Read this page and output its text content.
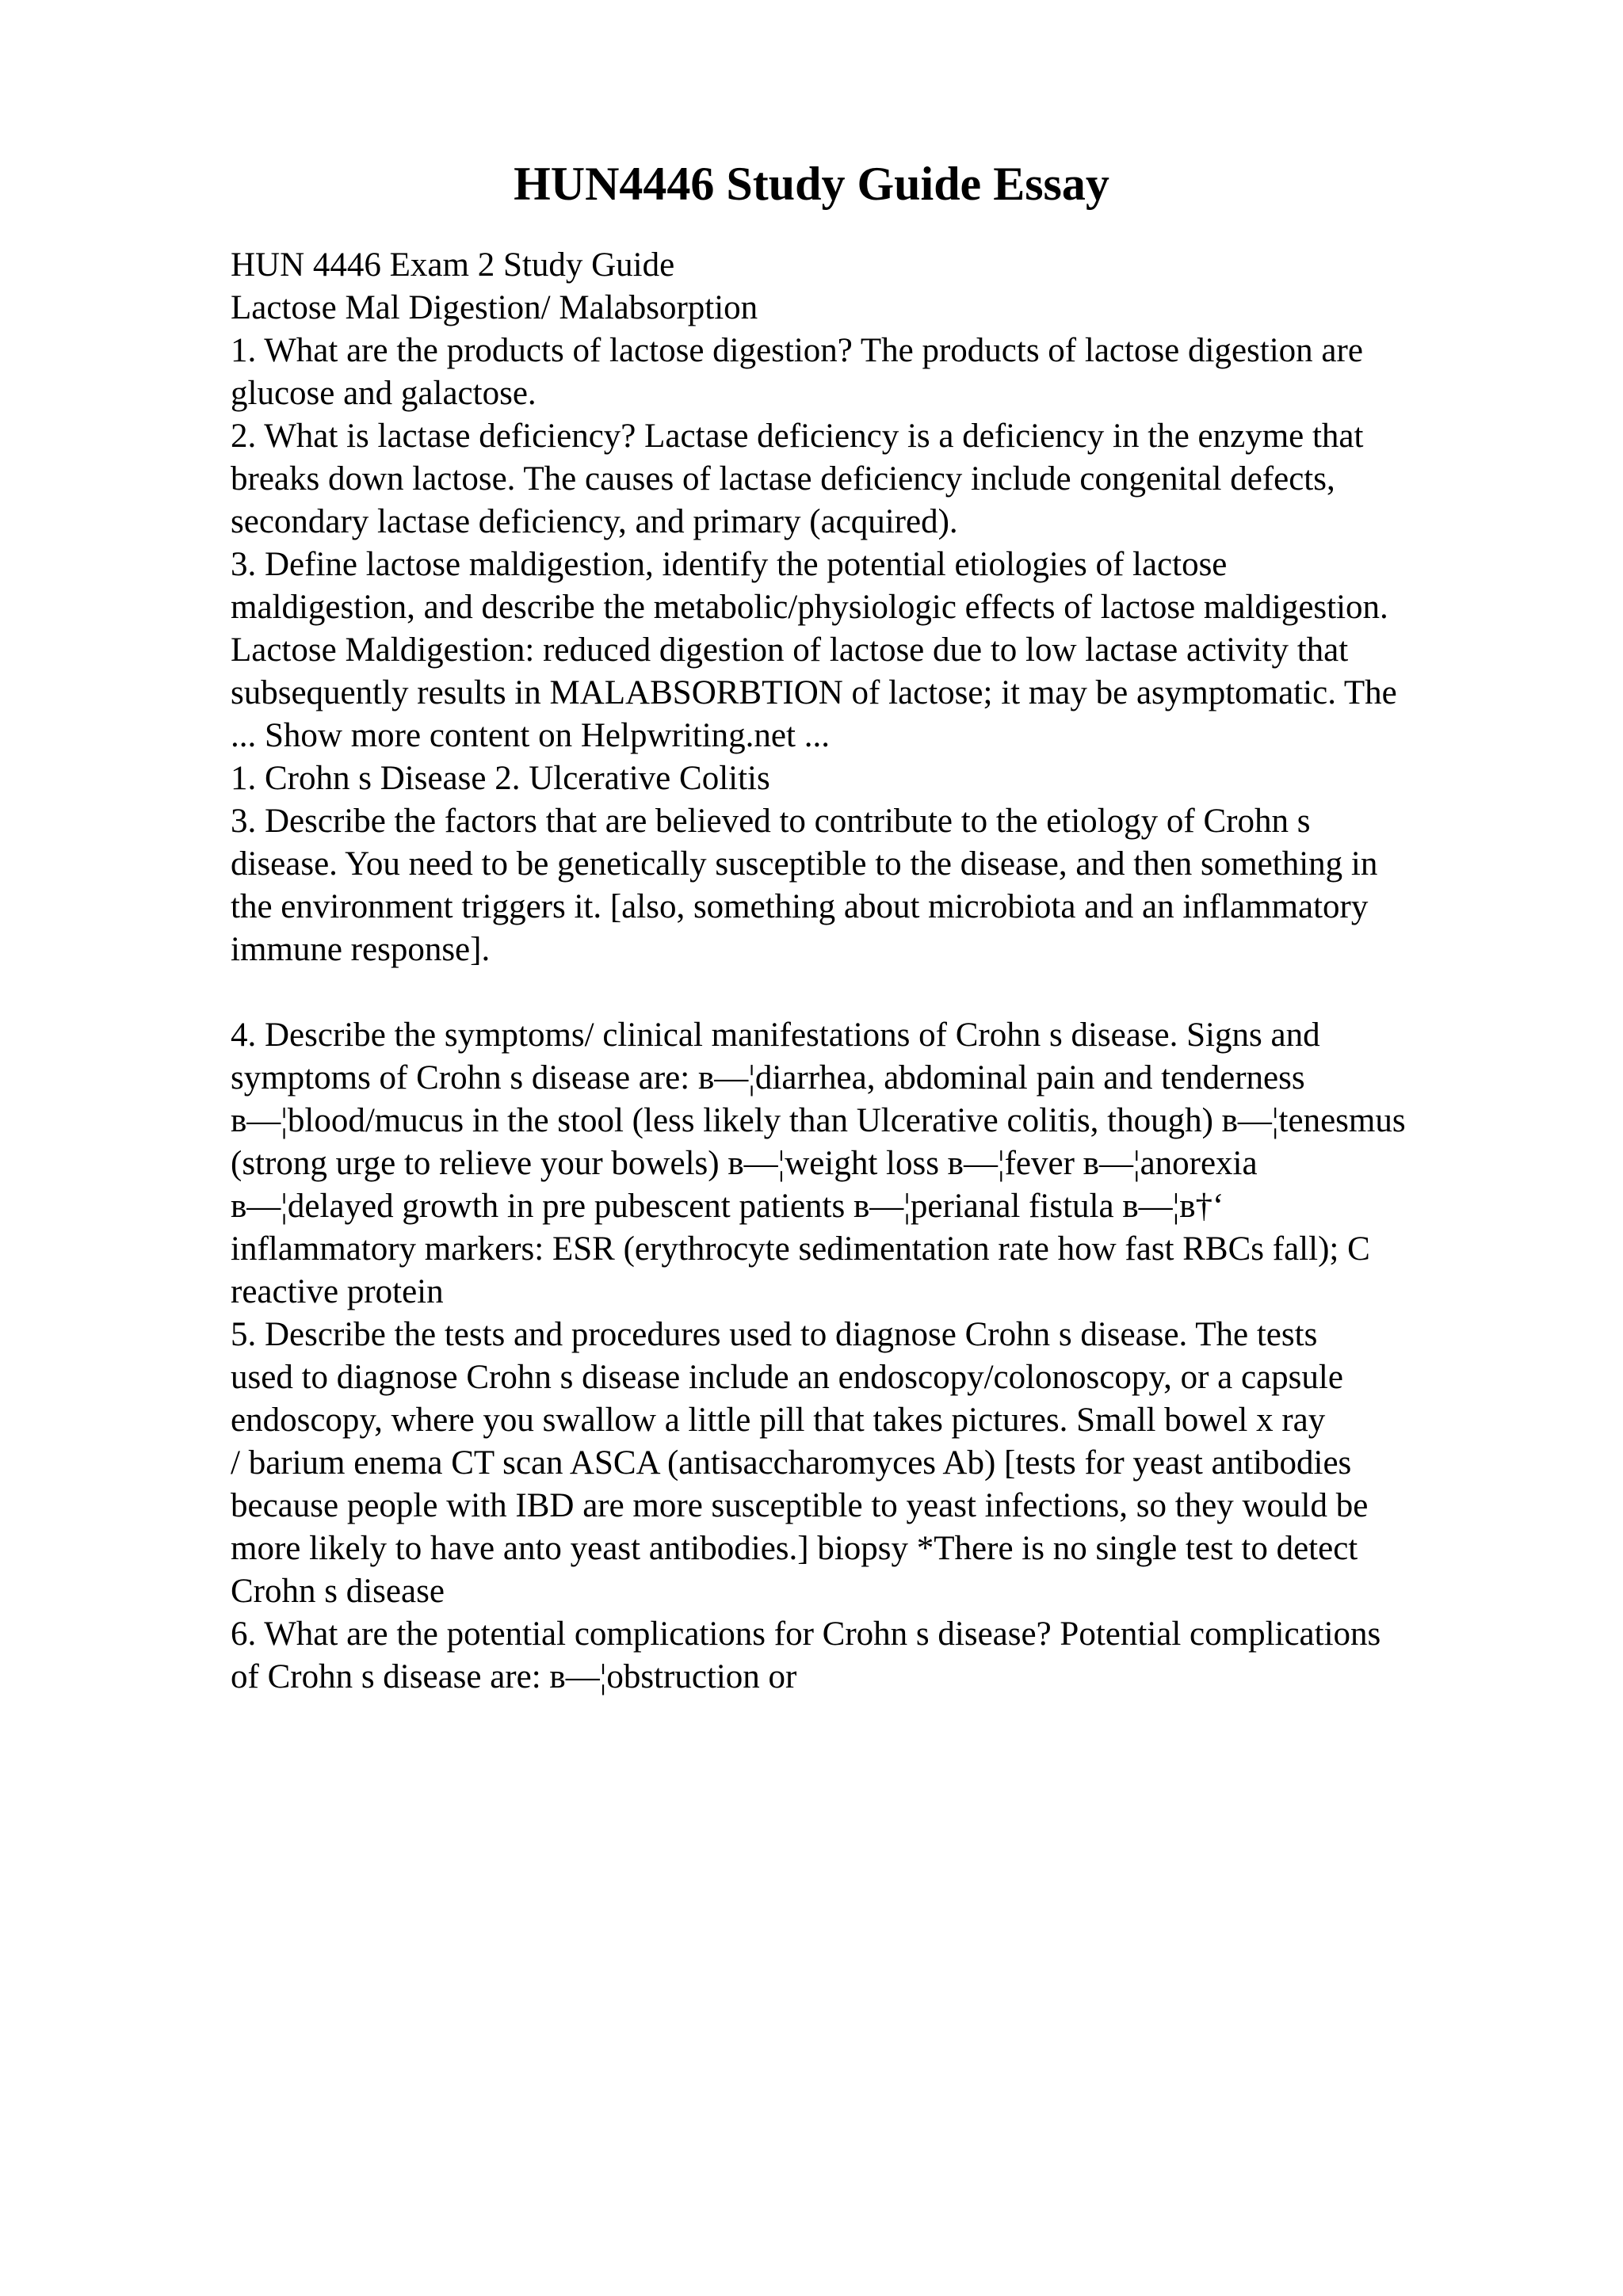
HUN4446 Study Guide Essay
HUN 4446 Exam 2 Study Guide
Lactose Mal Digestion/ Malabsorption
1. What are the products of lactose digestion? The products of lactose digestion are
glucose and galactose.
2. What is lactase deficiency? Lactase deficiency is a deficiency in the enzyme that
breaks down lactose. The causes of lactase deficiency include congenital defects,
secondary lactase deficiency, and primary (acquired).
3. Define lactose maldigestion, identify the potential etiologies of lactose
maldigestion, and describe the metabolic/physiologic effects of lactose maldigestion.
Lactose Maldigestion: reduced digestion of lactose due to low lactase activity that
subsequently results in MALABSORBTION of lactose; it may be asymptomatic. The
... Show more content on Helpwriting.net ...
1. Crohn s Disease 2. Ulcerative Colitis
3. Describe the factors that are believed to contribute to the etiology of Crohn s
disease. You need to be genetically susceptible to the disease, and then something in
the environment triggers it. [also, something about microbiota and an inflammatory
immune response].
4. Describe the symptoms/ clinical manifestations of Crohn s disease. Signs and
symptoms of Crohn s disease are: в—¦diarrhea, abdominal pain and tenderness
в—¦blood/mucus in the stool (less likely than Ulcerative colitis, though) в—¦tenesmus
(strong urge to relieve your bowels) в—¦weight loss в—¦fever в—¦anorexia
в—¦delayed growth in pre pubescent patients в—¦perianal fistula в—¦в†‘
inflammatory markers: ESR (erythrocyte sedimentation rate how fast RBCs fall); C
reactive protein
5. Describe the tests and procedures used to diagnose Crohn s disease. The tests
used to diagnose Crohn s disease include an endoscopy/colonoscopy, or a capsule
endoscopy, where you swallow a little pill that takes pictures. Small bowel x ray
/ barium enema CT scan ASCA (antisaccharomyces Ab) [tests for yeast antibodies
because people with IBD are more susceptible to yeast infections, so they would be
more likely to have anto yeast antibodies.] biopsy *There is no single test to detect
Crohn s disease
6. What are the potential complications for Crohn s disease? Potential complications
of Crohn s disease are: в—¦obstruction or
